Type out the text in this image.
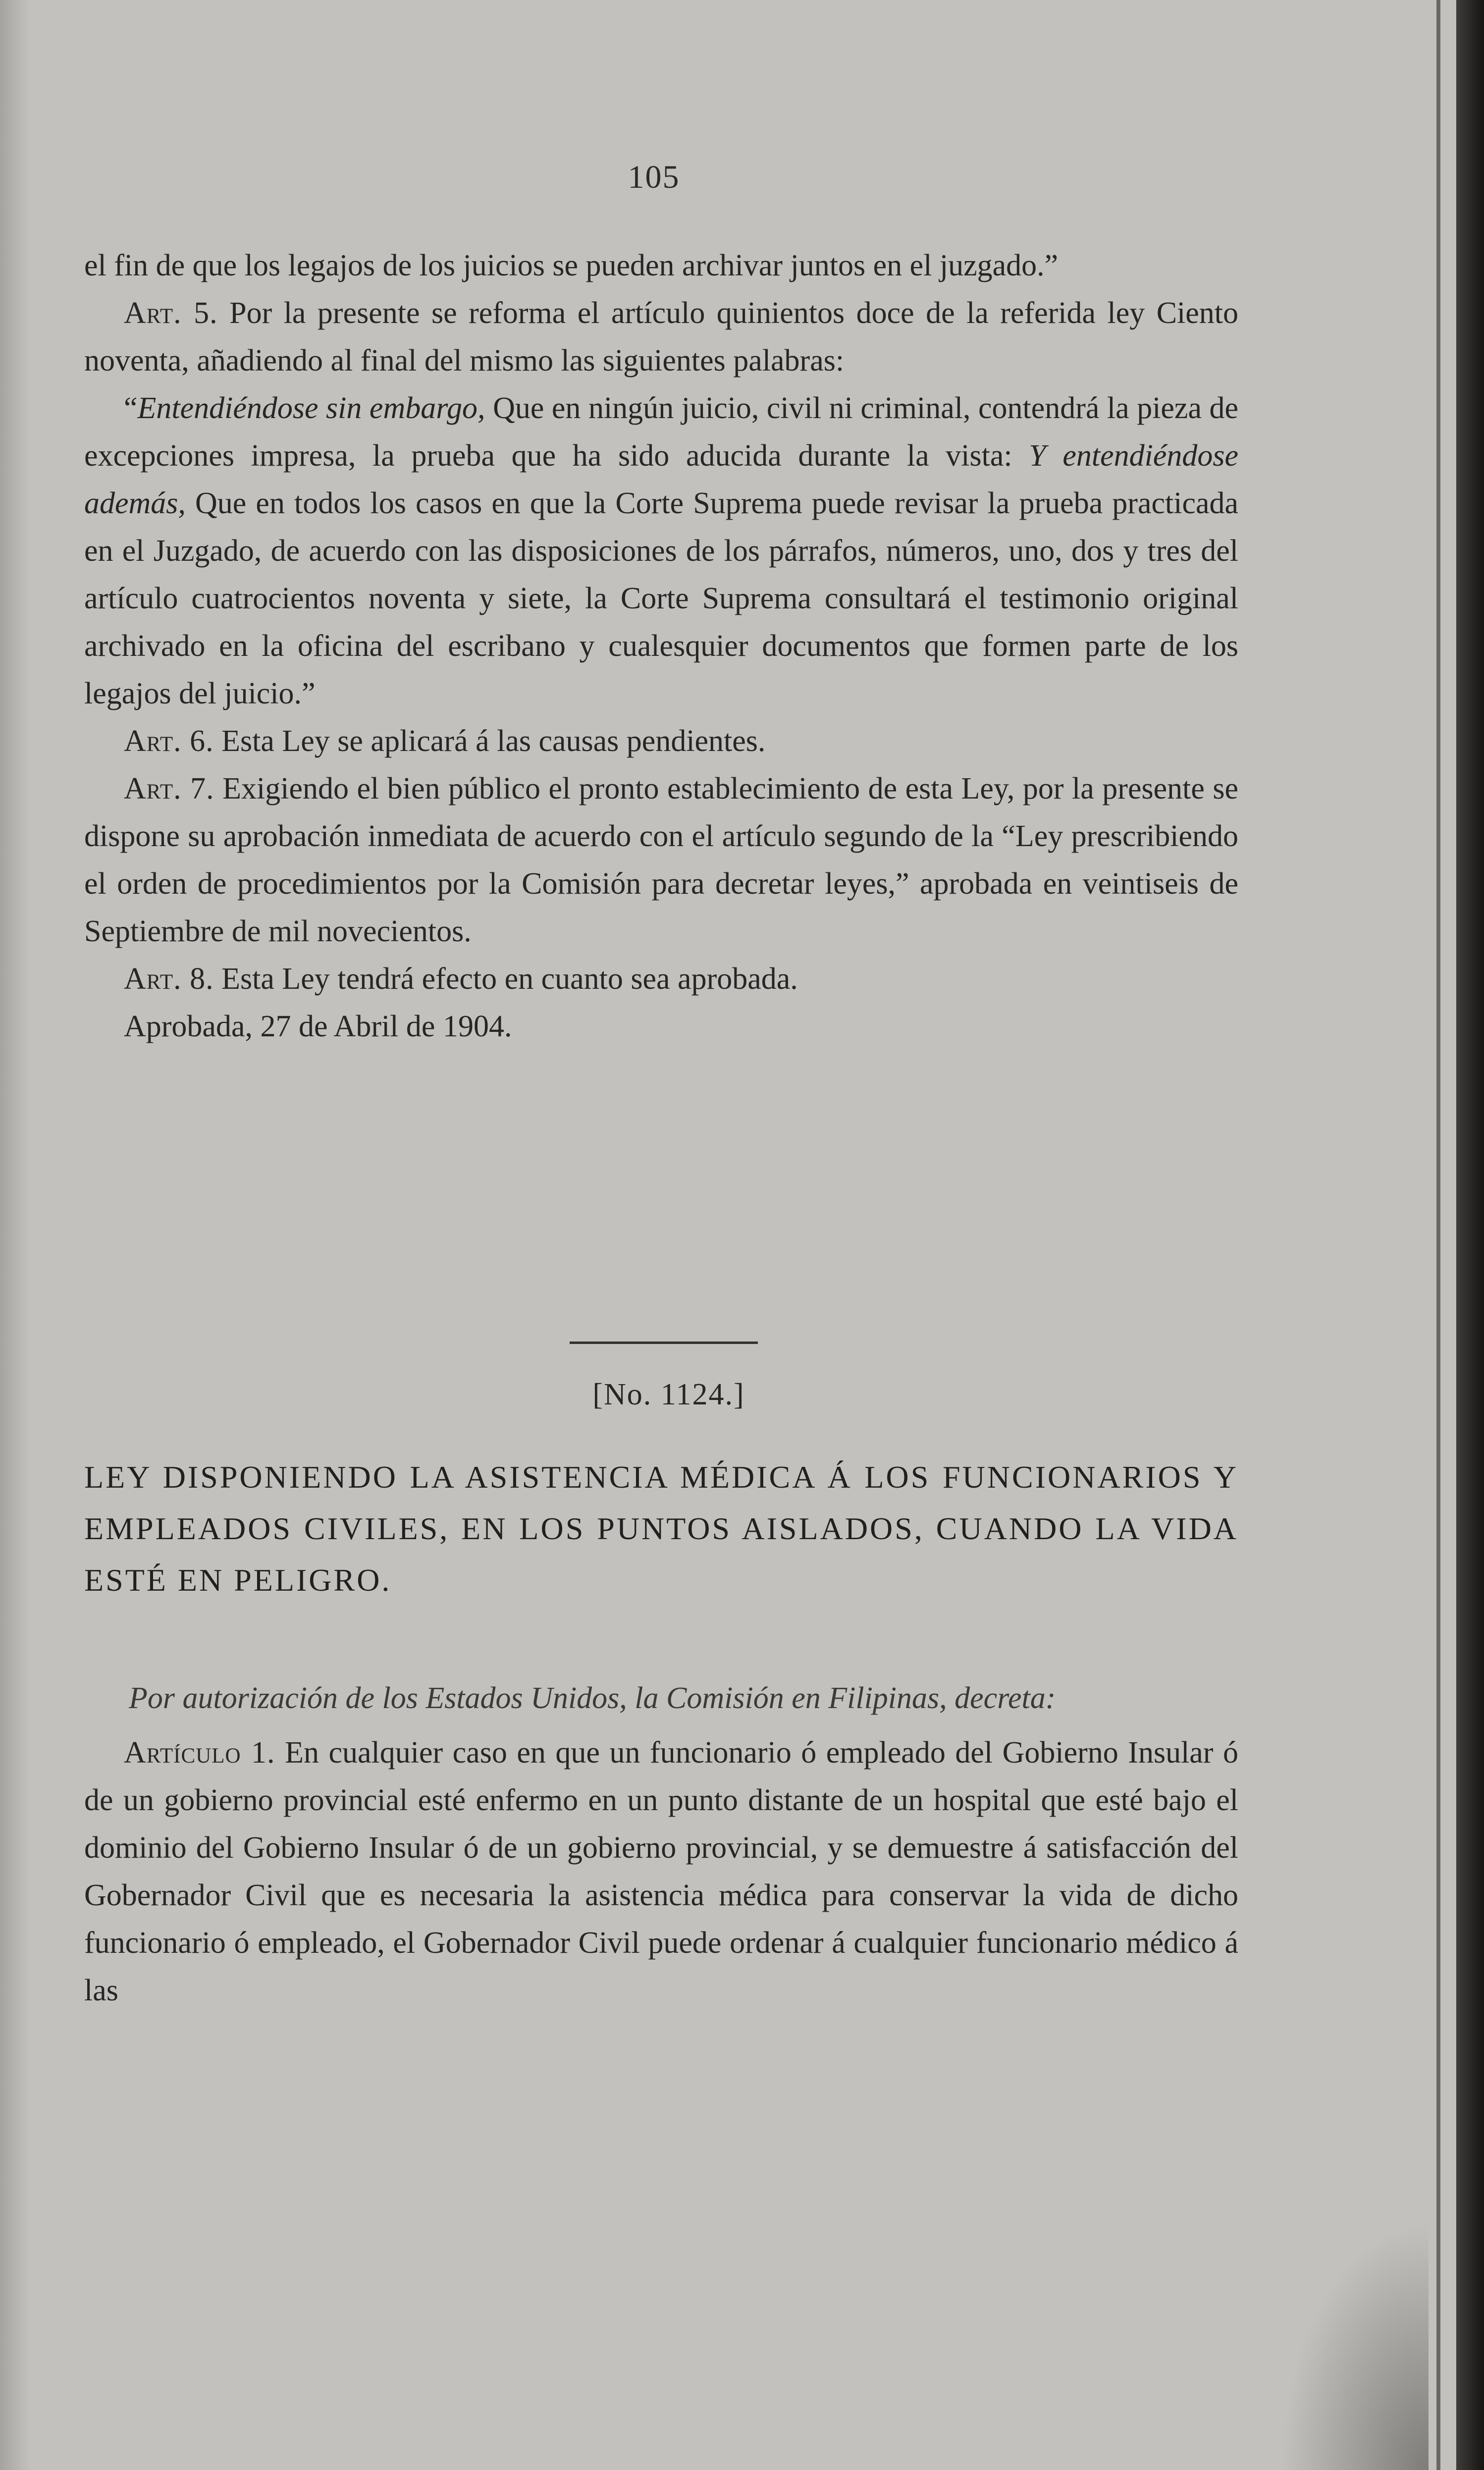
105

el fin de que los legajos de los juicios se pueden archivar juntos en el juzgado.”

Art. 5. Por la presente se reforma el artículo quinientos doce de la referida ley Ciento noventa, añadiendo al final del mismo las siguientes palabras:

“Entendiéndose sin embargo, Que en ningún juicio, civil ni criminal, contendrá la pieza de excepciones impresa, la prueba que ha sido aducida durante la vista: Y entendiéndose además, Que en todos los casos en que la Corte Suprema puede revisar la prueba practicada en el Juzgado, de acuerdo con las disposiciones de los párrafos, números, uno, dos y tres del artículo cuatrocientos noventa y siete, la Corte Suprema consultará el testimonio original archivado en la oficina del escribano y cualesquier documentos que formen parte de los legajos del juicio.”

Art. 6. Esta Ley se aplicará á las causas pendientes.

Art. 7. Exigiendo el bien público el pronto establecimiento de esta Ley, por la presente se dispone su aprobación inmediata de acuerdo con el artículo segundo de la “Ley prescribiendo el orden de procedimientos por la Comisión para decretar leyes,” aprobada en veintiseis de Septiembre de mil novecientos.

Art. 8. Esta Ley tendrá efecto en cuanto sea aprobada.

Aprobada, 27 de Abril de 1904.

[No. 1124.]
LEY DISPONIENDO LA ASISTENCIA MÉDICA Á LOS FUNCIONARIOS Y EMPLEADOS CIVILES, EN LOS PUNTOS AISLADOS, CUANDO LA VIDA ESTÉ EN PELIGRO.
Por autorización de los Estados Unidos, la Comisión en Filipinas, decreta:

Artículo 1. En cualquier caso en que un funcionario ó empleado del Gobierno Insular ó de un gobierno provincial esté enfermo en un punto distante de un hospital que esté bajo el dominio del Gobierno Insular ó de un gobierno provincial, y se demuestre á satisfacción del Gobernador Civil que es necesaria la asistencia médica para conservar la vida de dicho funcionario ó empleado, el Gobernador Civil puede ordenar á cualquier funcionario médico á las
